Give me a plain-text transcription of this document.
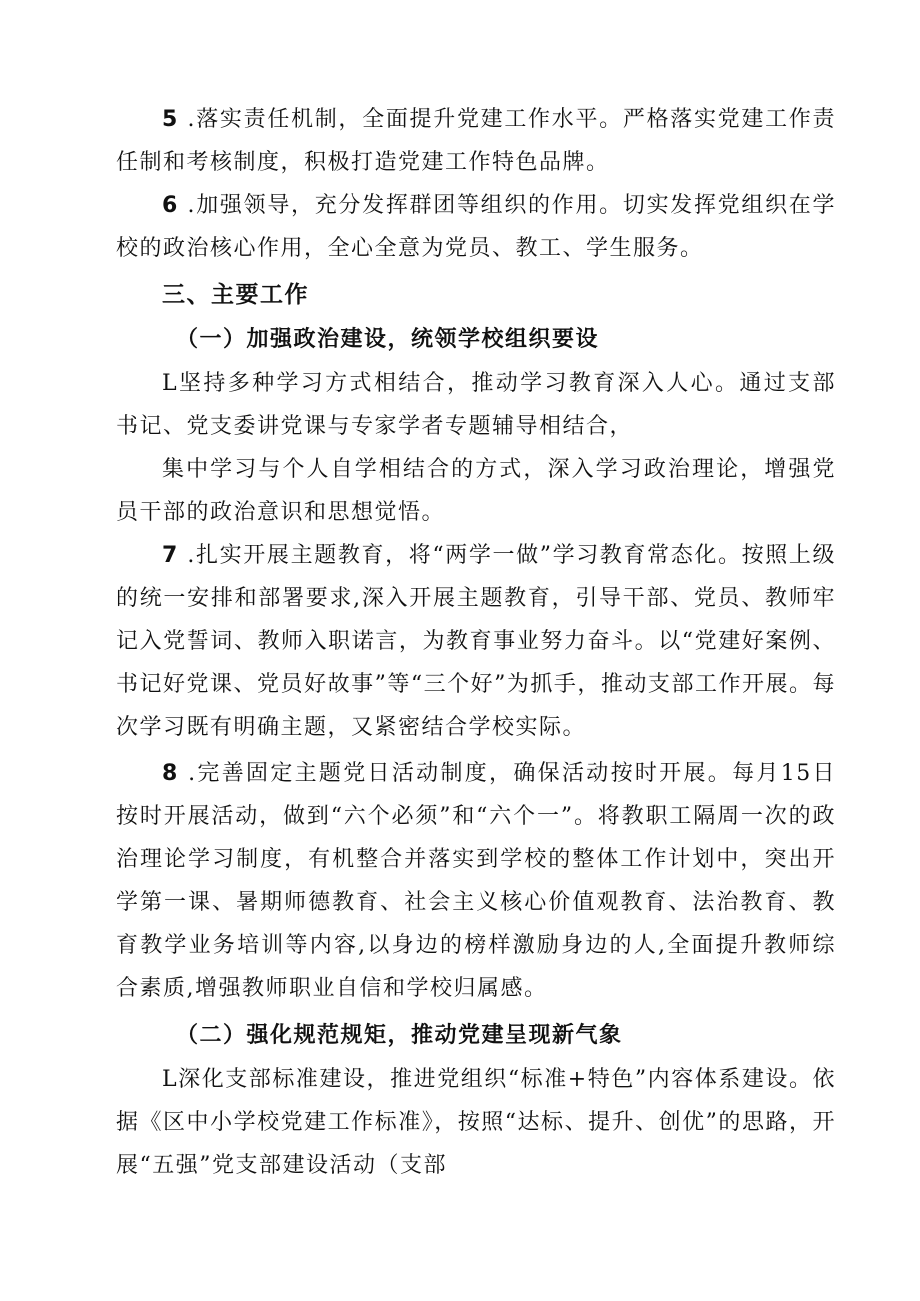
5 .落实责任机制，全面提升党建工作水平。严格落实党建工作责任制和考核制度，积极打造党建工作特色品牌。

6 .加强领导，充分发挥群团等组织的作用。切实发挥党组织在学校的政治核心作用，全心全意为党员、教工、学生服务。

三、主要工作
（一）加强政治建设，统领学校组织要设

L坚持多种学习方式相结合，推动学习教育深入人心。通过支部书记、党支委讲党课与专家学者专题辅导相结合，

集中学习与个人自学相结合的方式，深入学习政治理论，增强党员干部的政治意识和思想觉悟。

7 .扎实开展主题教育，将“两学一做”学习教育常态化。按照上级的统一安排和部署要求,深入开展主题教育，引导干部、党员、教师牢记入党誓词、教师入职诺言，为教育事业努力奋斗。以“党建好案例、书记好党课、党员好故事”等“三个好”为抓手，推动支部工作开展。每次学习既有明确主题，又紧密结合学校实际。

8 .完善固定主题党日活动制度，确保活动按时开展。每月15日按时开展活动，做到“六个必须”和“六个一”。将教职工隔周一次的政治理论学习制度，有机整合并落实到学校的整体工作计划中，突出开学第一课、暑期师德教育、社会主义核心价值观教育、法治教育、教育教学业务培训等内容,以身边的榜样激励身边的人,全面提升教师综合素质,增强教师职业自信和学校归属感。

（二）强化规范规矩，推动党建呈现新气象

L深化支部标准建设，推进党组织“标准+特色”内容体系建设。依据《区中小学校党建工作标准》，按照“达标、提升、创优”的思路，开展“五强”党支部建设活动（支部
